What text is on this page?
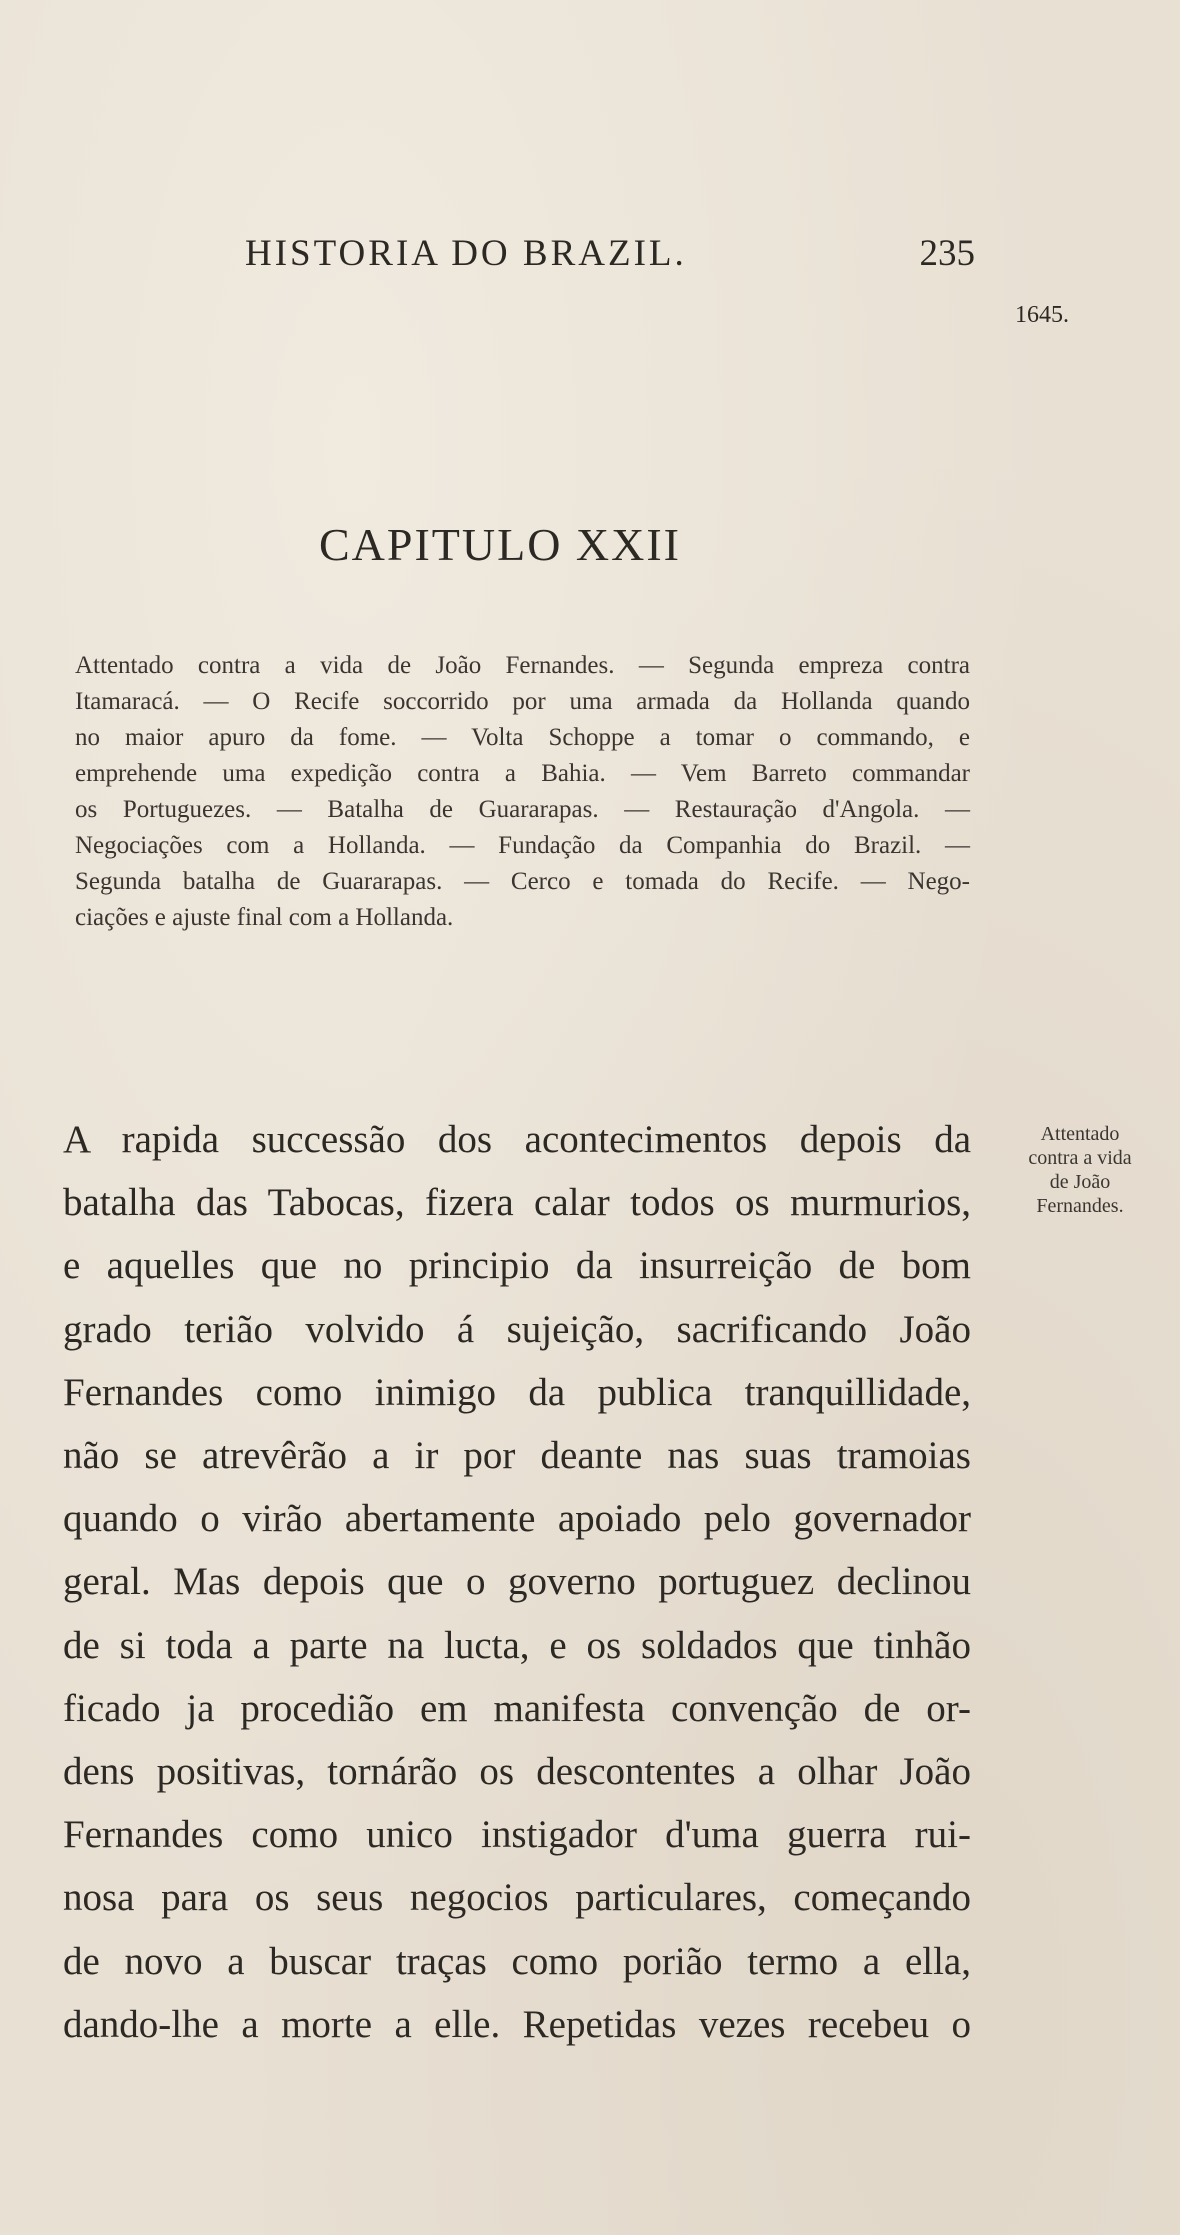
HISTORIA DO BRAZIL.	235
1645.
CAPITULO XXII
Attentado contra a vida de João Fernandes. — Segunda empreza contra
Itamaracá. — O Recife soccorrido por uma armada da Hollanda quando
no maior apuro da fome. — Volta Schoppe a tomar o commando, e
emprehende uma expedição contra a Bahia. — Vem Barreto commandar
os Portuguezes. — Batalha de Guararapas. — Restauração d'Angola. —
Negociações com a Hollanda. — Fundação da Companhia do Brazil. —
Segunda batalha de Guararapas. — Cerco e tomada do Recife. — Nego-
ciações e ajuste final com a Hollanda.
A rapida successão dos acontecimentos depois da
batalha das Tabocas, fizera calar todos os murmurios,
e aquelles que no principio da insurreição de bom
grado terião volvido á sujeição, sacrificando João
Fernandes como inimigo da publica tranquillidade,
não se atrevêrão a ir por deante nas suas tramoias
quando o virão abertamente apoiado pelo governador
geral. Mas depois que o governo portuguez declinou
de si toda a parte na lucta, e os soldados que tinhão
ficado ja procedião em manifesta convenção de or-
dens positivas, tornárão os descontentes a olhar João
Fernandes como unico instigador d'uma guerra rui-
nosa para os seus negocios particulares, começando
de novo a buscar traças como porião termo a ella,
dando-lhe a morte a elle. Repetidas vezes recebeu o
Attentado
contra a vida
de João
Fernandes.
